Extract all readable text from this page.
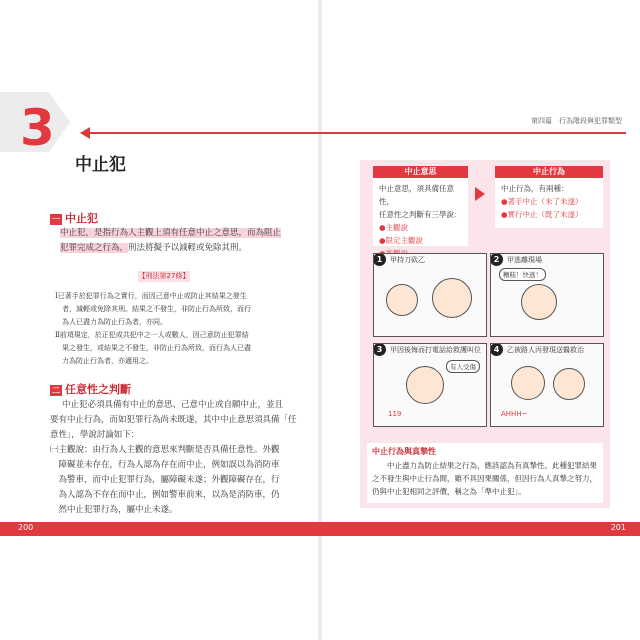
3	第四篇　行為階段與犯罪類型
中止犯
一 中止犯
中止犯，是指行為人主觀上須有任意中止之意思，而為阻止
犯罪完成之行為，刑法將擬予以減輕或免除其刑。
【刑法第27條】

Ⅰ已著手於犯罪行為之實行，而因己意中止或防止其結果之發生

　者，減輕或免除其刑。結果之不發生，非防止行為所致，而行

　為人已盡力為防止行為者，亦同。

Ⅱ前項規定，於正犯或共犯中之一人或數人，因己意防止犯罪結

　果之發生，或結果之不發生，非防止行為所致，而行為人已盡

　力為防止行為者，亦適用之。

二 任意性之判斷
中止犯必須具備有中止的意思、己意中止或自願中止，並且
要有中止行為，而如犯罪行為尚未既遂，其中中止意思須具備「任
意性」，學說討論如下：
㈠主觀說：由行為人主觀的意思來判斷是否具備任意性。外觀
　障礙並未存在，行為人認為存在而中止，例如誤以為消防車
　為警車，而中止犯罪行為，屬障礙未遂；外觀障礙存在，行
　為人認為不存在而中止，例如警車前來，以為是消防車，仍
　然中止犯罪行為，屬中止未遂。
中止意思
中止意思，須具備任意性，
任意性之判斷有三學說：
●主觀說
●限定主觀說
中止行為
中止行為，有兩種：
●著手中止（未了未遂）
●實行中止（既了未遂）
1	甲持刀砍乙	2	甲逃離現場
糟糕！快逃！
3	甲因後悔而打電話給救護叫位
有人受傷
119
4	乙被路人丙發現送醫救治
AHHH~
中止行為與真摯性
中止盡力為防止結果之行為，應該認為有真摯性。此種犯罪結果之不發生與中止行為間，雖不具因果關係，但因行為人真摯之努力，仍與中止犯相同之評價，稱之為「準中止犯」。
200	201
